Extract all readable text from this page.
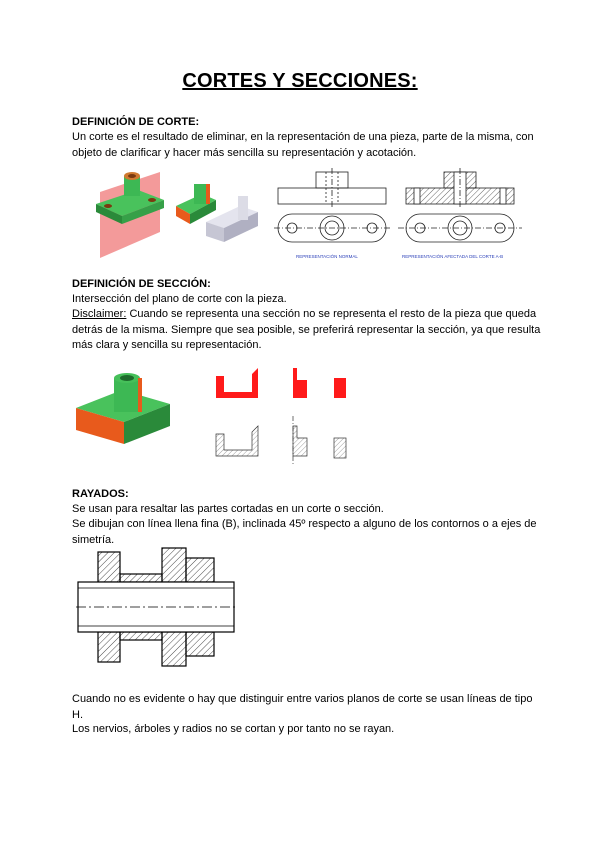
CORTES Y SECCIONES:
DEFINICIÓN DE CORTE:
Un corte es el resultado de eliminar, en la representación de una pieza, parte de la misma, con objeto de clarificar y hacer más sencilla su representación y acotación.
REPRESENTACIÓN NORMAL	REPRESENTACIÓN AFECTADA DEL CORTE A-B
DEFINICIÓN DE SECCIÓN:
Intersección del plano de corte con la pieza.
Disclaimer: Cuando se representa una sección no se representa el resto de la pieza que queda detrás de la misma. Siempre que sea posible, se preferirá representar la sección, ya que resulta más clara y sencilla su representación.
RAYADOS:
Se usan para resaltar las partes cortadas en un corte o sección.
Se dibujan con línea llena fina (B), inclinada 45º respecto a alguno de los contornos o a ejes de simetría.
Cuando no es evidente o hay que distinguir entre varios planos de corte se usan líneas de tipo H.
Los nervios, árboles y radios no se cortan y por tanto no se rayan.
